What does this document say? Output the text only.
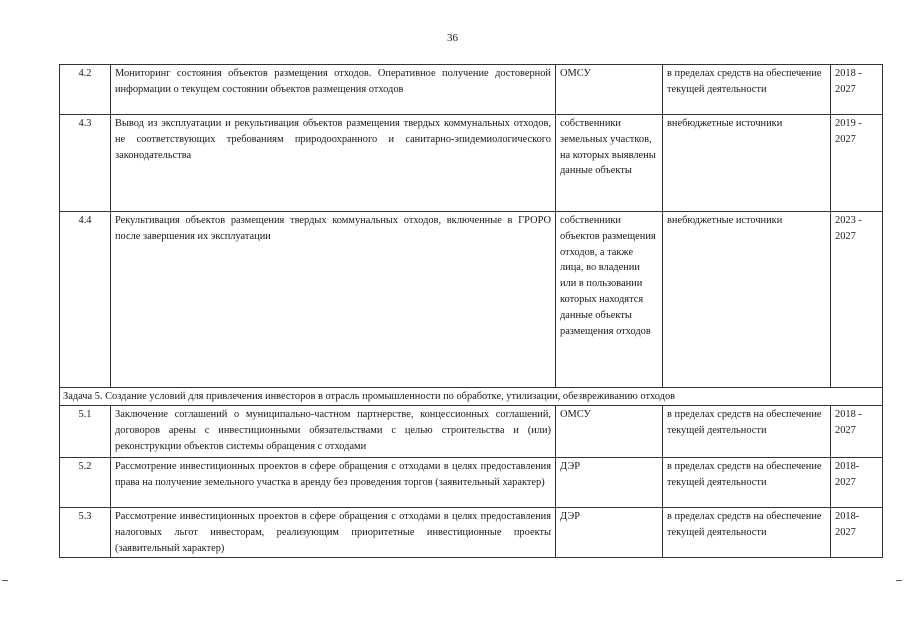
36
4.2	Мониторинг состояния объектов размещения отходов. Оперативное получение достоверной информации о текущем состоянии объектов размещения отходов	ОМСУ	в пределах средств на обеспечение текущей деятельности	2018 - 2027
4.3	Вывод из эксплуатации и рекультивация объектов размещения твердых коммунальных отходов, не соответствующих требованиям природоохранного и санитарно-эпидемиологического законодательства	собственники земельных участков, на которых выявлены данные объекты	внебюджетные источники	2019 - 2027
4.4	Рекультивация объектов размещения твердых коммунальных отходов, включенные в ГРОРО после завершения их эксплуатации	собственники объектов размещения отходов, а также лица, во владении или в пользовании которых находятся данные объекты размещения отходов	внебюджетные источники	2023 - 2027
Задача 5. Создание условий для привлечения инвесторов в отрасль промышленности по обработке, утилизации, обезвреживанию отходов				
5.1	Заключение соглашений о муниципально-частном партнерстве, концессионных соглашений, договоров арены с инвестиционными обязательствами с целью строительства и (или) реконструкции объектов системы обращения с отходами	ОМСУ	в пределах средств на обеспечение текущей деятельности	2018 - 2027
5.2	Рассмотрение инвестиционных проектов в сфере обращения с отходами в целях предоставления права на получение земельного участка в аренду без проведения торгов (заявительный характер)	ДЭР	в пределах средств на обеспечение текущей деятельности	2018- 2027
5.3	Рассмотрение инвестиционных проектов в сфере обращения с отходами в целях предоставления налоговых льгот инвесторам, реализующим приоритетные инвестиционные проекты (заявительный характер)	ДЭР	в пределах средств на обеспечение текущей деятельности	2018- 2027
